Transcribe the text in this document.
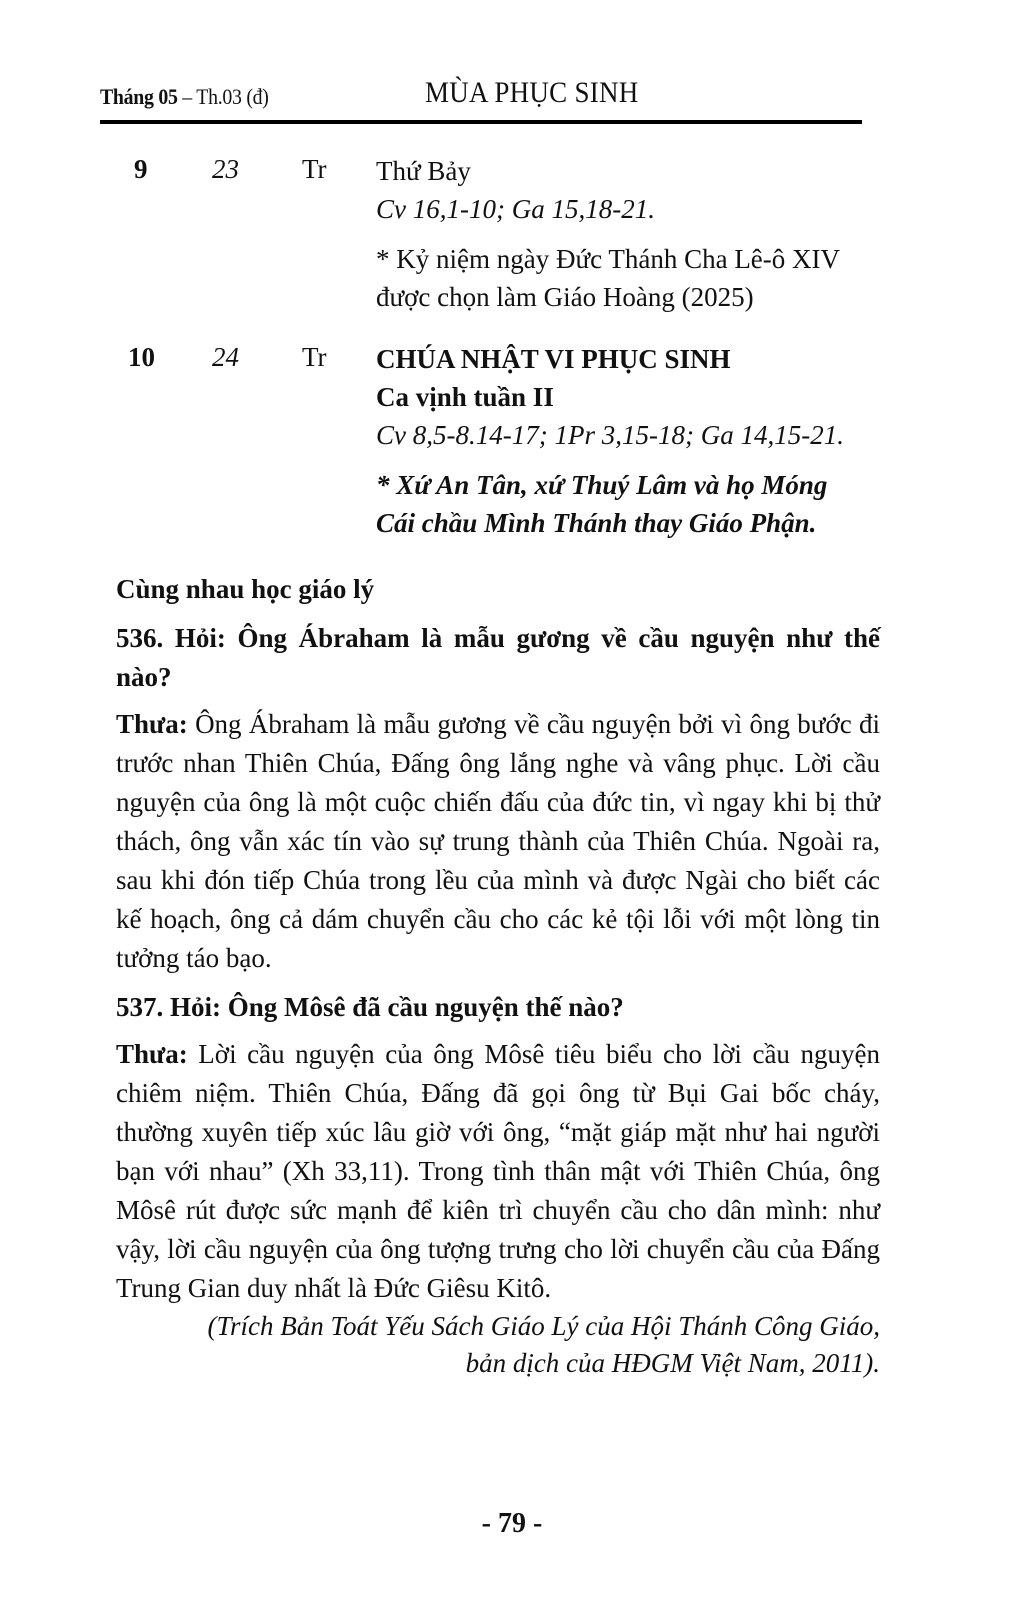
Tháng 05 – Th.03 (đ)	MÙA PHỤC SINH
9 23 Tr Thứ Bảy
Cv 16,1-10; Ga 15,18-21.
* Kỷ niệm ngày Đức Thánh Cha Lê-ô XIV
được chọn làm Giáo Hoàng (2025)
10 24 Tr CHÚA NHẬT VI PHỤC SINH
Ca vịnh tuần II
Cv 8,5-8.14-17; 1Pr 3,15-18; Ga 14,15-21.
* Xứ An Tân, xứ Thuý Lâm và họ Móng
Cái chầu Mình Thánh thay Giáo Phận.

Cùng nhau học giáo lý

536. Hỏi: Ông Ábraham là mẫu gương về cầu nguyện như thế nào?

Thưa: Ông Ábraham là mẫu gương về cầu nguyện bởi vì ông bước đi trước nhan Thiên Chúa, Đấng ông lắng nghe và vâng phục. Lời cầu nguyện của ông là một cuộc chiến đấu của đức tin, vì ngay khi bị thử thách, ông vẫn xác tín vào sự trung thành của Thiên Chúa. Ngoài ra, sau khi đón tiếp Chúa trong lều của mình và được Ngài cho biết các kế hoạch, ông cả dám chuyển cầu cho các kẻ tội lỗi với một lòng tin tưởng táo bạo.

537. Hỏi: Ông Môsê đã cầu nguyện thế nào?

Thưa: Lời cầu nguyện của ông Môsê tiêu biểu cho lời cầu nguyện chiêm niệm. Thiên Chúa, Đấng đã gọi ông từ Bụi Gai bốc cháy, thường xuyên tiếp xúc lâu giờ với ông, “mặt giáp mặt như hai người bạn với nhau” (Xh 33,11). Trong tình thân mật với Thiên Chúa, ông Môsê rút được sức mạnh để kiên trì chuyển cầu cho dân mình: như vậy, lời cầu nguyện của ông tượng trưng cho lời chuyển cầu của Đấng Trung Gian duy nhất là Đức Giêsu Kitô.

(Trích Bản Toát Yếu Sách Giáo Lý của Hội Thánh Công Giáo,

bản dịch của HĐGM Việt Nam, 2011).

- 79 -
